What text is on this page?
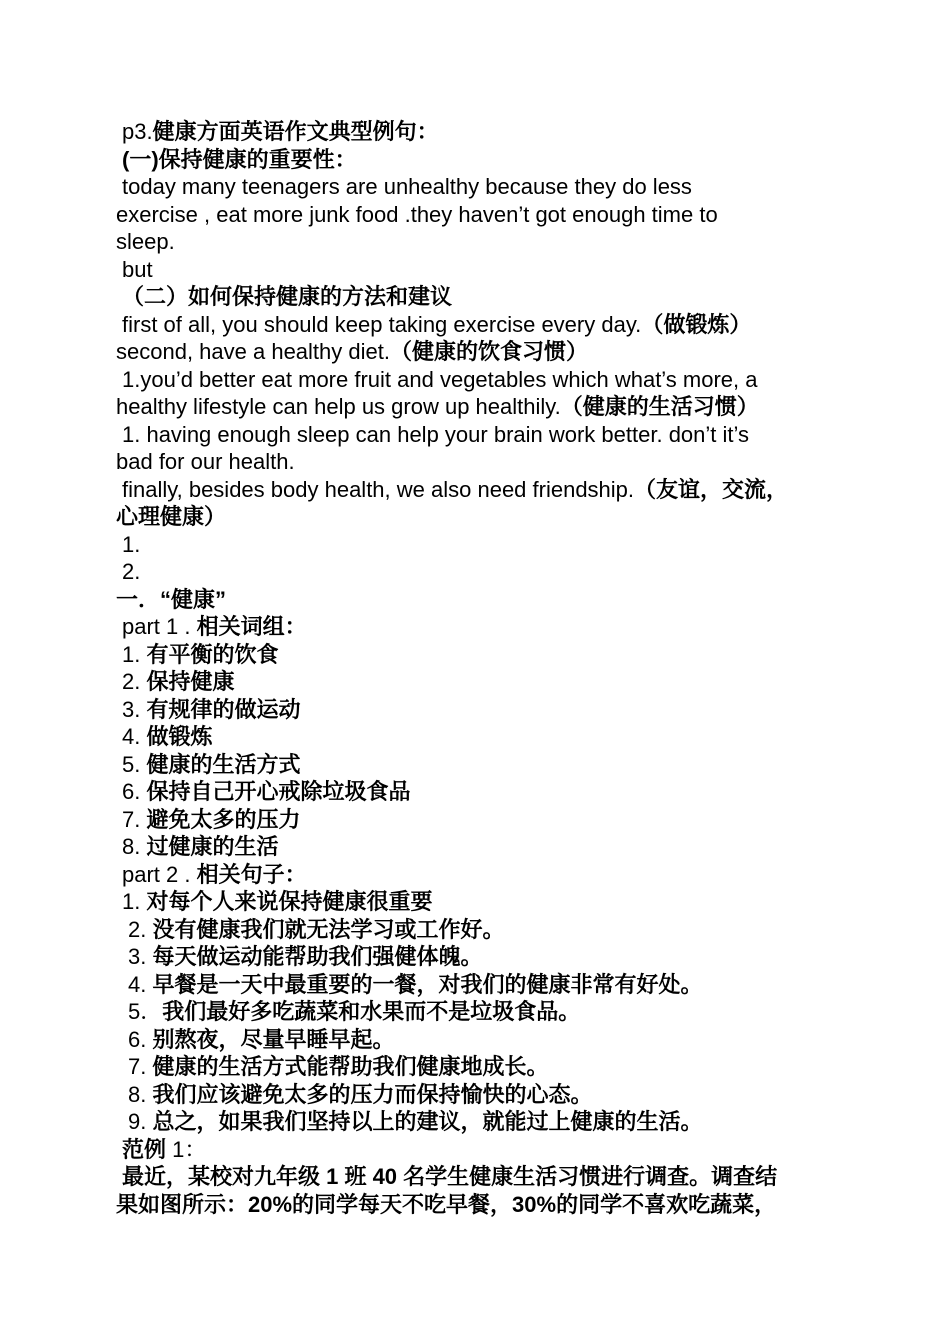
p3.健康方面英语作文典型例句：

(一)保持健康的重要性：

today many teenagers are unhealthy because they do less

exercise , eat more junk food .they haven’t got enough time to

sleep.

but

（二）如何保持健康的方法和建议

first of all, you should keep taking exercise every day.（做锻炼）

second, have a healthy diet.（健康的饮食习惯）

1.you’d better eat more fruit and vegetables which what’s more, a

healthy lifestyle can help us grow up healthily.（健康的生活习惯）

1. having enough sleep can help your brain work better. don’t it’s

bad for our health.

finally, besides body health, we also need friendship.（友谊，交流，

心理健康）

1.

2.

一．“健康”

part 1 . 相关词组：

1. 有平衡的饮食

2. 保持健康

3. 有规律的做运动

4. 做锻炼

5. 健康的生活方式

6. 保持自己开心戒除垃圾食品

7. 避免太多的压力

8. 过健康的生活

part 2 . 相关句子：

1. 对每个人来说保持健康很重要

2. 没有健康我们就无法学习或工作好。

3. 每天做运动能帮助我们强健体魄。

4. 早餐是一天中最重要的一餐，对我们的健康非常有好处。

5．我们最好多吃蔬菜和水果而不是垃圾食品。

6. 别熬夜，尽量早睡早起。

7. 健康的生活方式能帮助我们健康地成长。

8. 我们应该避免太多的压力而保持愉快的心态。

9. 总之，如果我们坚持以上的建议，就能过上健康的生活。

范例 1：

最近，某校对九年级 1 班 40 名学生健康生活习惯进行调查。调查结

果如图所示：20%的同学每天不吃早餐，30%的同学不喜欢吃蔬菜，
